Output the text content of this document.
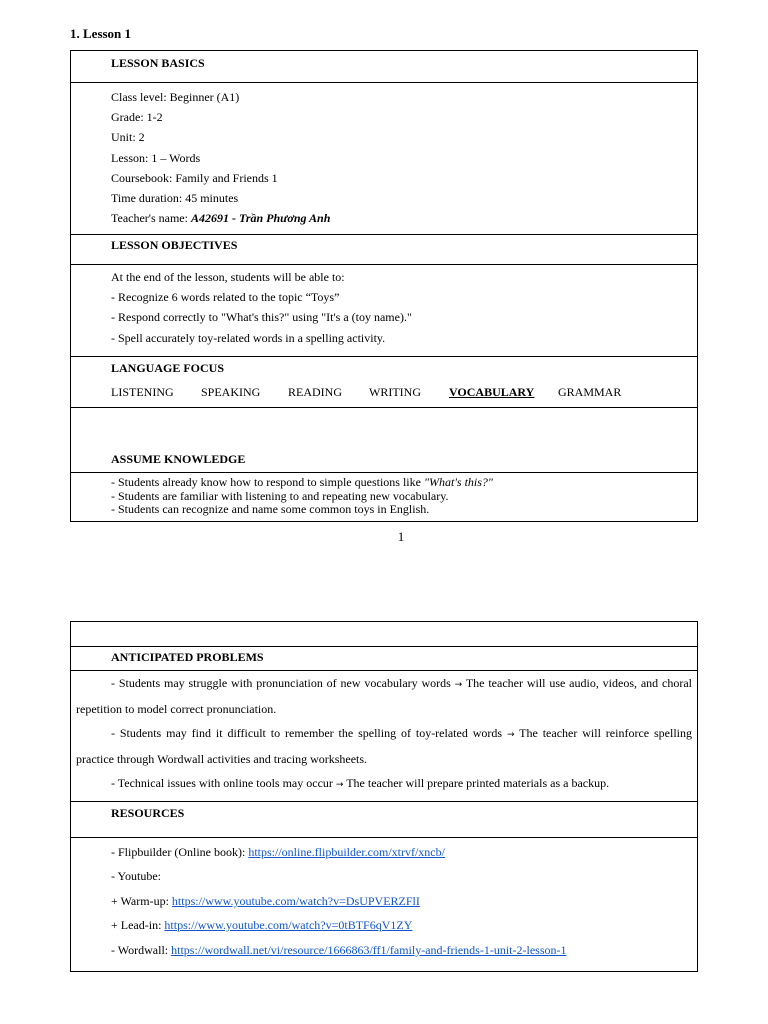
1. Lesson 1
LESSON BASICS
Class level: Beginner (A1)
Grade: 1-2
Unit: 2
Lesson: 1 – Words
Coursebook: Family and Friends 1
Time duration: 45 minutes
Teacher's name: A42691 - Trần Phương Anh
LESSON OBJECTIVES
At the end of the lesson, students will be able to:
- Recognize 6 words related to the topic “Toys”
- Respond correctly to "What's this?" using "It's a (toy name)."
- Spell accurately toy-related words in a spelling activity.
LANGUAGE FOCUS
LISTENING SPEAKING READING WRITING VOCABULARY GRAMMAR
ASSUME KNOWLEDGE
- Students already know how to respond to simple questions like "What's this?"
- Students are familiar with listening to and repeating new vocabulary.
- Students can recognize and name some common toys in English.
1
ANTICIPATED PROBLEMS
- Students may struggle with pronunciation of new vocabulary words → The teacher will use audio, videos, and choral repetition to model correct pronunciation.
- Students may find it difficult to remember the spelling of toy-related words → The teacher will reinforce spelling practice through Wordwall activities and tracing worksheets.
- Technical issues with online tools may occur → The teacher will prepare printed materials as a backup.
RESOURCES
- Flipbuilder (Online book): https://online.flipbuilder.com/xtrvf/xncb/
- Youtube:
+ Warm-up: https://www.youtube.com/watch?v=DsUPVERZFlI
+ Lead-in: https://www.youtube.com/watch?v=0tBTF6qV1ZY
- Wordwall: https://wordwall.net/vi/resource/1666863/ff1/family-and-friends-1-unit-2-lesson-1
